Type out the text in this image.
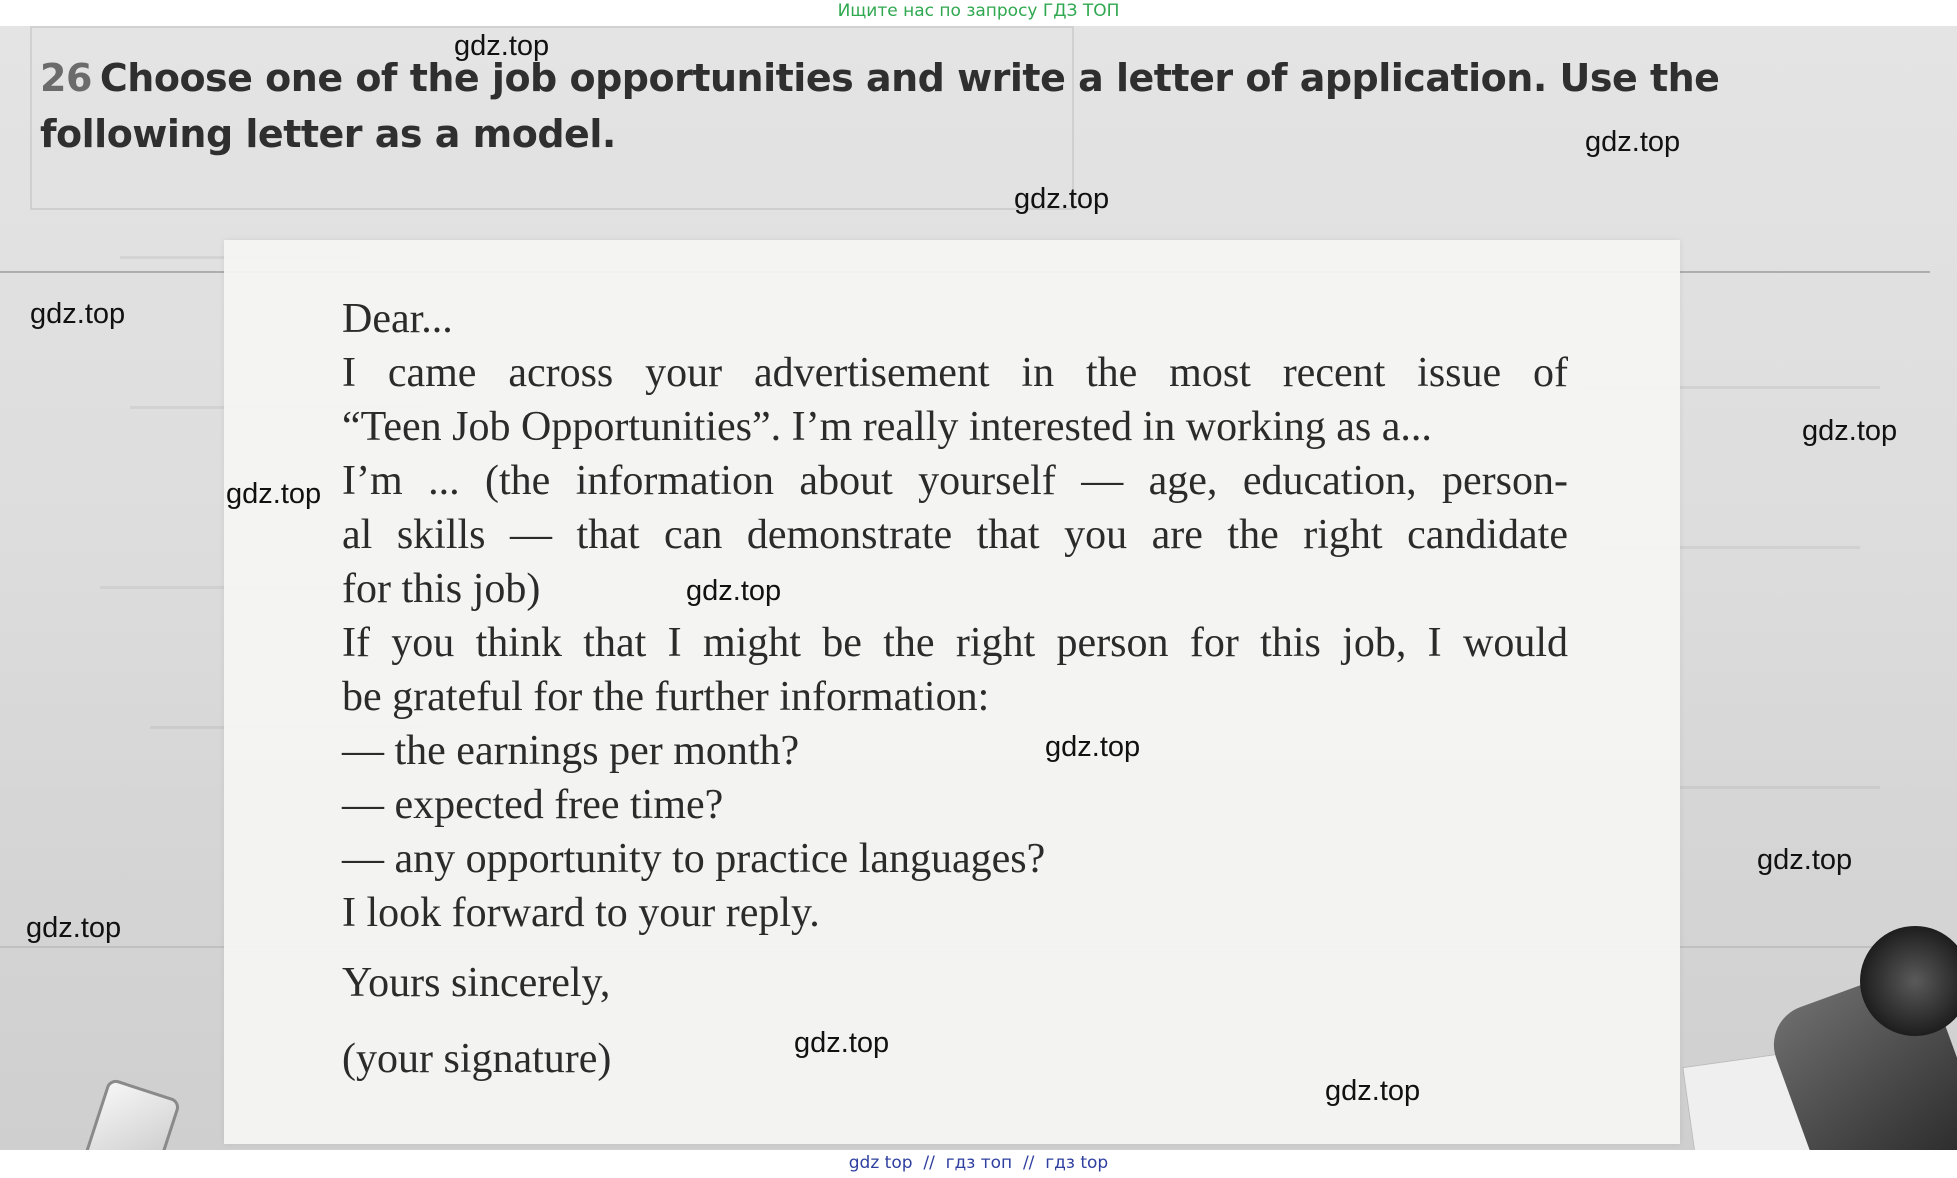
Ищите нас по запросу ГДЗ ТОП
26 Choose one of the job opportunities and write a letter of application. Use the following letter as a model.

Dear...

I came across your advertisement in the most recent issue of

“Teen Job Opportunities”. I’m really interested in working as a...

I’m ... (the information about yourself — age, education, person-

al skills — that can demonstrate that you are the right candidate

for this job)

If you think that I might be the right person for this job, I would

be grateful for the further information:

— the earnings per month?

— expected free time?

— any opportunity to practice languages?

I look forward to your reply.

Yours sincerely,

(your signature)

gdz.top
gdz.top
gdz.top
gdz.top
gdz.top
gdz.top
gdz.top
gdz.top
gdz.top
gdz.top
gdz.top
gdz.top
gdz top  //  гдз топ  //  гдз top
